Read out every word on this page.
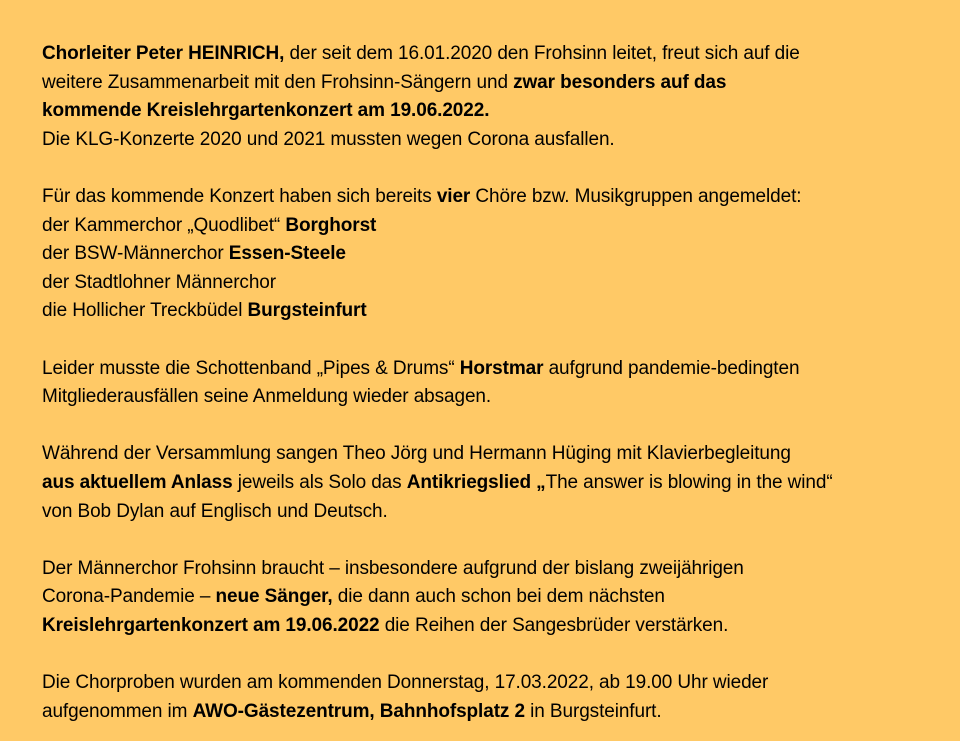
Chorleiter Peter HEINRICH, der seit dem 16.01.2020 den Frohsinn leitet, freut sich auf die
weitere Zusammenarbeit mit den Frohsinn-Sängern und zwar besonders auf das
kommende Kreislehrgartenkonzert am 19.06.2022.
Die KLG-Konzerte 2020 und 2021 mussten wegen Corona ausfallen.
Für das kommende Konzert haben sich bereits vier Chöre bzw. Musikgruppen angemeldet:
der Kammerchor „Quodlibet“ Borghorst
der BSW-Männerchor Essen-Steele
der Stadtlohner Männerchor
die Hollicher Treckbüdel Burgsteinfurt
Leider musste die Schottenband „Pipes & Drums“ Horstmar aufgrund pandemie-bedingten
Mitgliederausfällen seine Anmeldung wieder absagen.
Während der Versammlung sangen Theo Jörg und Hermann Hüging mit Klavierbegleitung
aus aktuellem Anlass jeweils als Solo das Antikriegslied „The answer is blowing in the wind“
von Bob Dylan auf Englisch und Deutsch.
Der Männerchor Frohsinn braucht – insbesondere aufgrund der bislang zweijährigen
Corona-Pandemie – neue Sänger, die dann auch schon bei dem nächsten
Kreislehrgartenkonzert am 19.06.2022 die Reihen der Sangesbrüder verstärken.
Die Chorproben wurden am kommenden Donnerstag, 17.03.2022, ab 19.00 Uhr wieder
aufgenommen im AWO-Gästezentrum, Bahnhofsplatz 2 in Burgsteinfurt.
